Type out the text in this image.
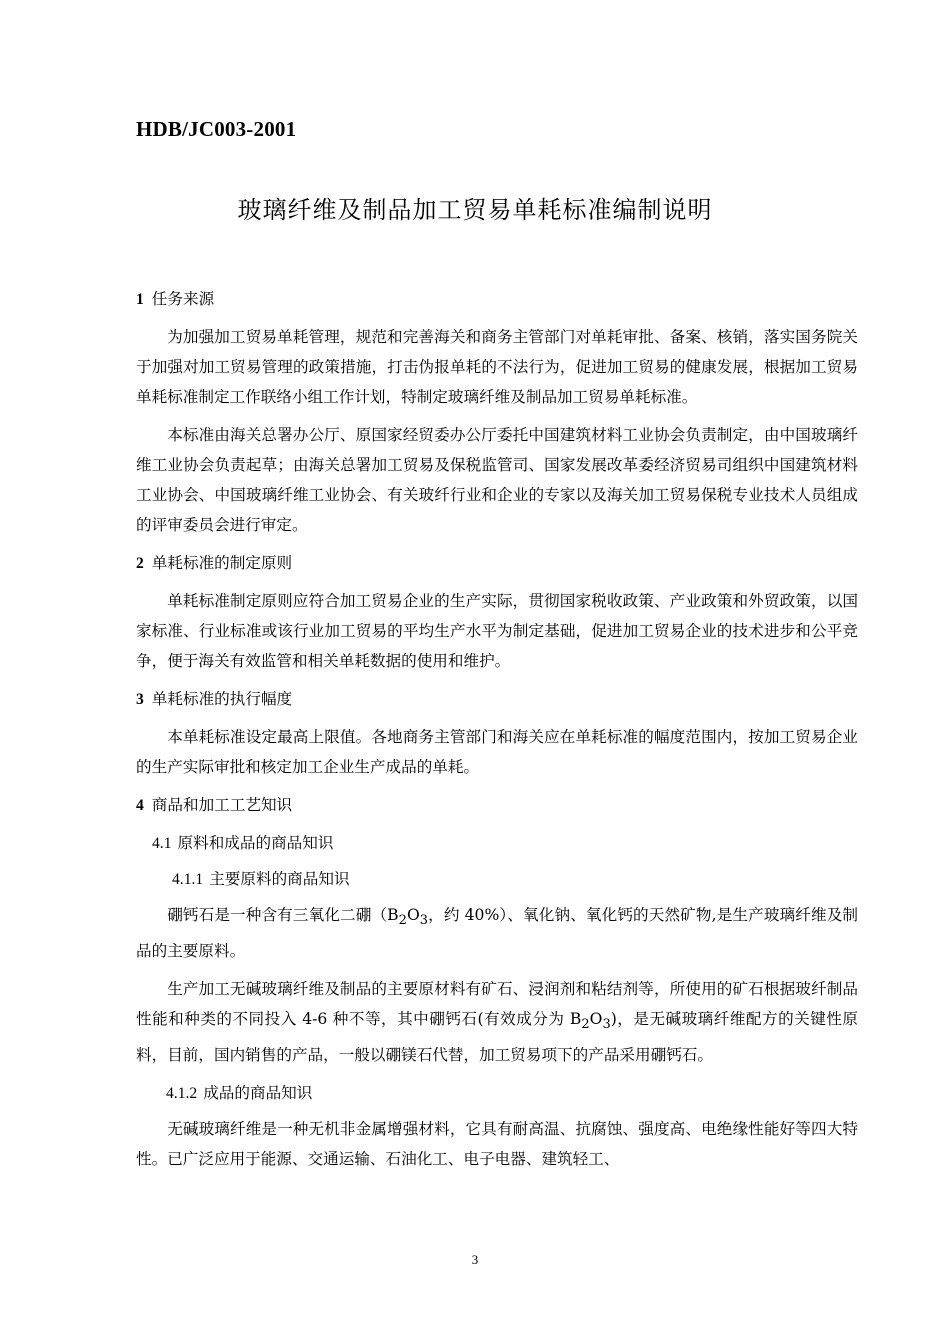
HDB/JC003-2001
玻璃纤维及制品加工贸易单耗标准编制说明
1 任务来源

为加强加工贸易单耗管理，规范和完善海关和商务主管部门对单耗审批、备案、核销，落实国务院关于加强对加工贸易管理的政策措施，打击伪报单耗的不法行为，促进加工贸易的健康发展，根据加工贸易单耗标准制定工作联络小组工作计划，特制定玻璃纤维及制品加工贸易单耗标准。

本标准由海关总署办公厅、原国家经贸委办公厅委托中国建筑材料工业协会负责制定，由中国玻璃纤维工业协会负责起草；由海关总署加工贸易及保税监管司、国家发展改革委经济贸易司组织中国建筑材料工业协会、中国玻璃纤维工业协会、有关玻纤行业和企业的专家以及海关加工贸易保税专业技术人员组成的评审委员会进行审定。

2 单耗标准的制定原则

单耗标准制定原则应符合加工贸易企业的生产实际，贯彻国家税收政策、产业政策和外贸政策，以国家标准、行业标准或该行业加工贸易的平均生产水平为制定基础，促进加工贸易企业的技术进步和公平竞争，便于海关有效监管和相关单耗数据的使用和维护。

3 单耗标准的执行幅度

本单耗标准设定最高上限值。各地商务主管部门和海关应在单耗标准的幅度范围内，按加工贸易企业的生产实际审批和核定加工企业生产成品的单耗。

4 商品和加工工艺知识
4.1 原料和成品的商品知识
4.1.1 主要原料的商品知识

硼钙石是一种含有三氧化二硼（$B_2O_3$，约 40%）、氧化钠、氧化钙的天然矿物,是生产玻璃纤维及制品的主要原料。

生产加工无碱玻璃纤维及制品的主要原材料有矿石、浸润剂和粘结剂等，所使用的矿石根据玻纤制品性能和种类的不同投入 4-6 种不等，其中硼钙石(有效成分为 $B_2O_3$)，是无碱玻璃纤维配方的关键性原料，目前，国内销售的产品，一般以硼镁石代替，加工贸易项下的产品采用硼钙石。

4.1.2 成品的商品知识

无碱玻璃纤维是一种无机非金属增强材料，它具有耐高温、抗腐蚀、强度高、电绝缘性能好等四大特性。已广泛应用于能源、交通运输、石油化工、电子电器、建筑轻工、

3
